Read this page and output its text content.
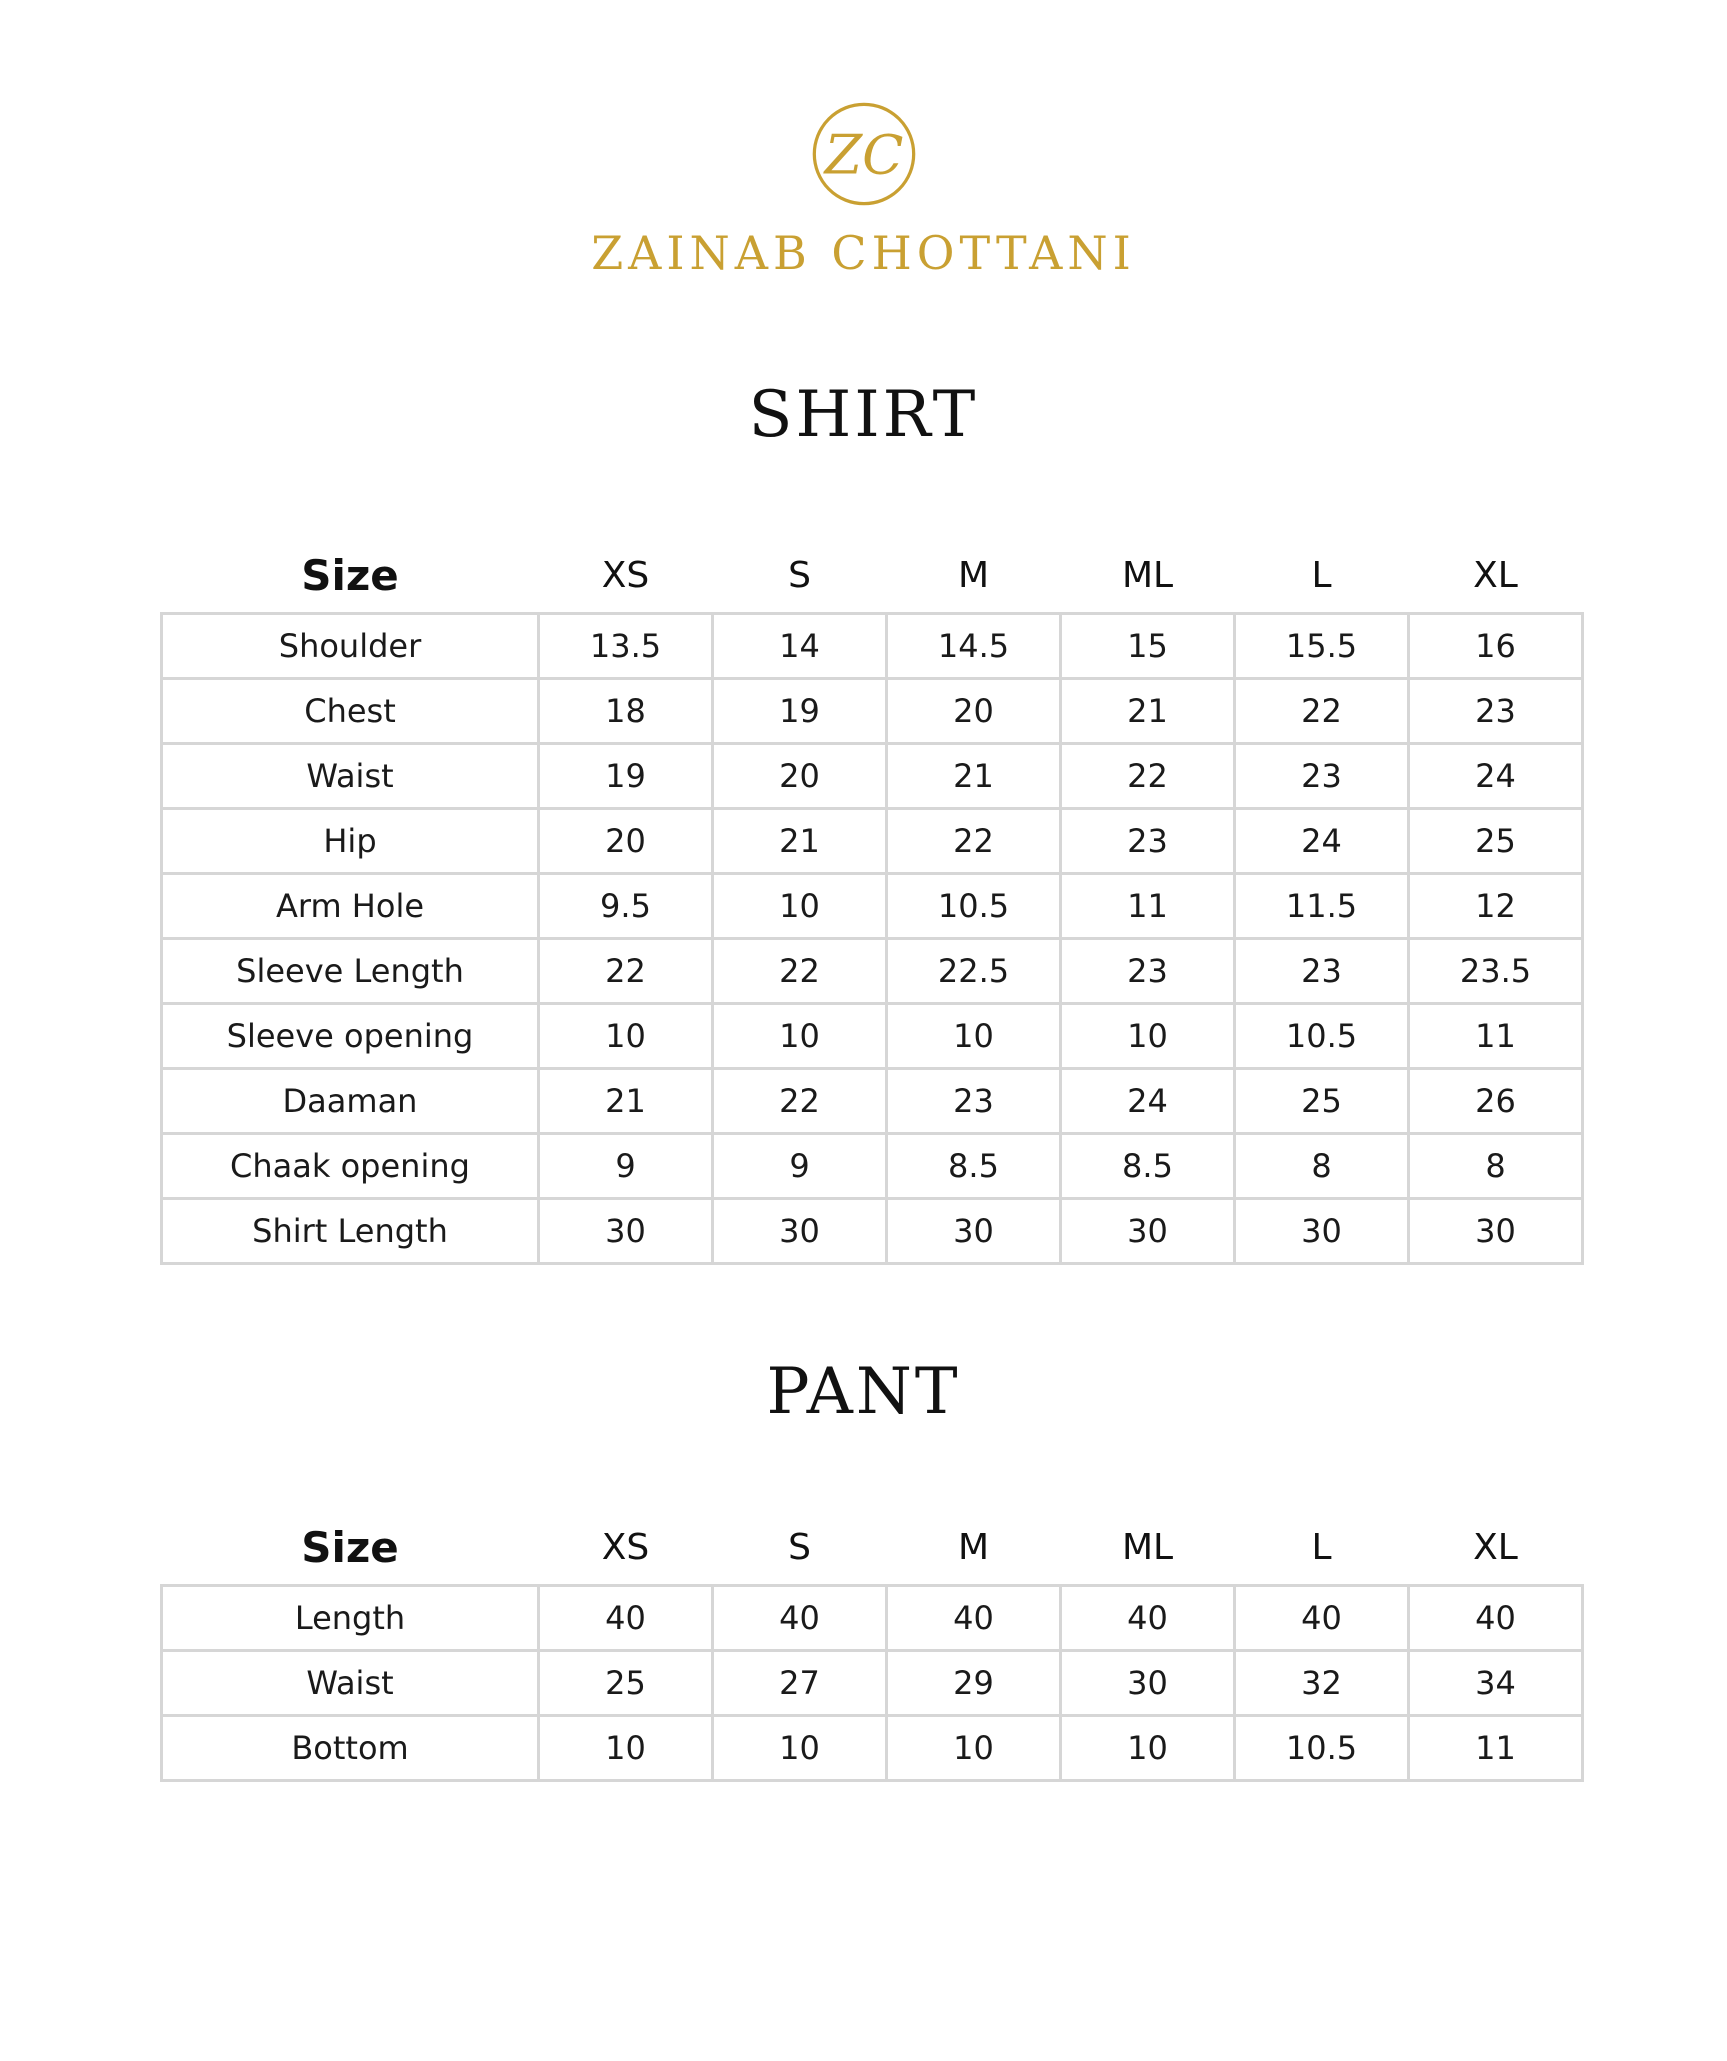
ZC
ZAINAB CHOTTANI
SHIRT
Size	XS	S	M	ML	L	XL
Shoulder	13.5	14	14.5	15	15.5	16
Chest	18	19	20	21	22	23
Waist	19	20	21	22	23	24
Hip	20	21	22	23	24	25
Arm Hole	9.5	10	10.5	11	11.5	12
Sleeve Length	22	22	22.5	23	23	23.5
Sleeve opening	10	10	10	10	10.5	11
Daaman	21	22	23	24	25	26
Chaak opening	9	9	8.5	8.5	8	8
Shirt Length	30	30	30	30	30	30
PANT
Size	XS	S	M	ML	L	XL
Length	40	40	40	40	40	40
Waist	25	27	29	30	32	34
Bottom	10	10	10	10	10.5	11
